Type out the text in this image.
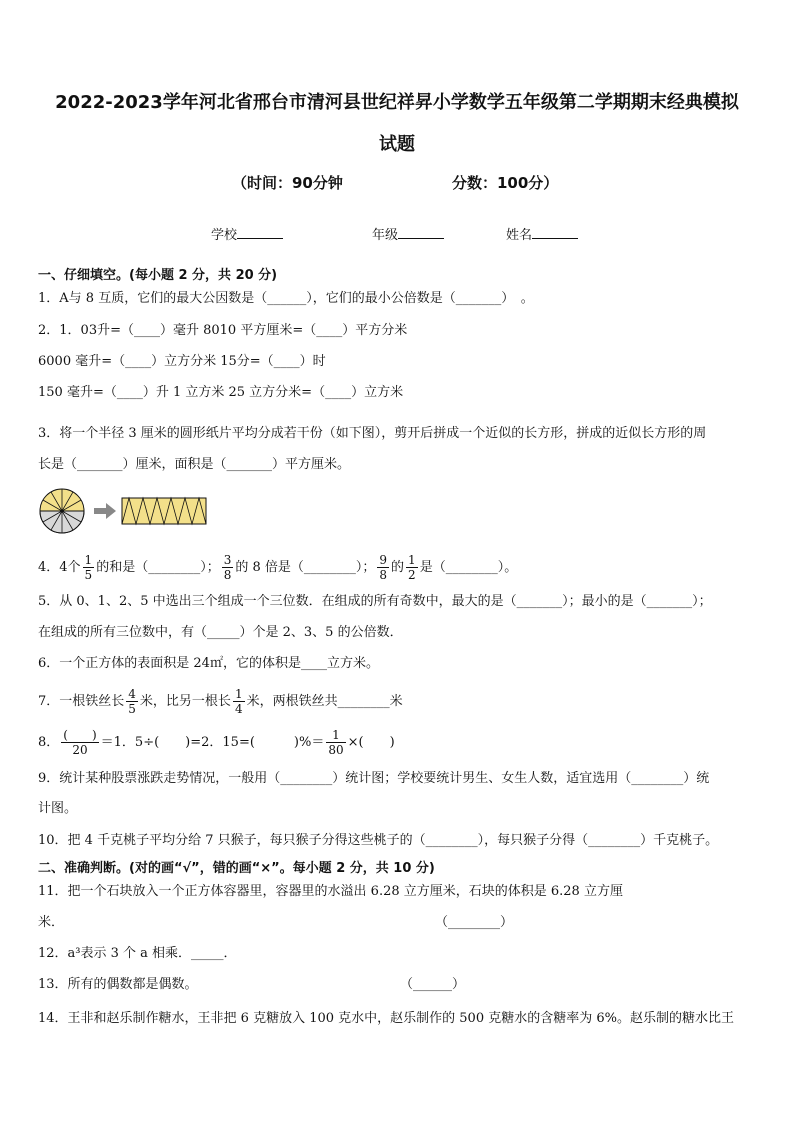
2022-2023学年河北省邢台市清河县世纪祥昇小学数学五年级第二学期期末经典模拟
试题
（时间：90分钟	分数：100分）
学校	年级	姓名
一、仔细填空。(每小题 2 分，共 20 分)
1．A与 8 互质，它们的最大公因数是（______），它们的最小公倍数是（_______）　。
2．1．03升=（____）毫升 8010 平方厘米=（____）平方分米
6000 毫升=（____）立方分米 15分=（____）时
150 毫升=（____）升 1 立方米 25 立方分米=（____）立方米
3．将一个半径 3 厘米的圆形纸片平均分成若干份（如下图），剪开后拼成一个近似的长方形，拼成的近似长方形的周
长是（_______）厘米，面积是（_______）平方厘米。
4．4个 $\frac{1}{5}$ 的和是（________）； $\frac{3}{8}$ 的 8 倍是（________）； $\frac{9}{8}$ 的 $\frac{1}{2}$ 是（________）。
5．从 0、1、2、5 中选出三个组成一个三位数．在组成的所有奇数中，最大的是（_______）；最小的是（_______）；
在组成的所有三位数中，有（_____）个是 2、3、5 的公倍数．
6．一个正方体的表面积是 24㎡，它的体积是____立方米。
7．一根铁丝长 $\frac{4}{5}$ 米，比另一根长 $\frac{1}{4}$ 米，两根铁丝共________米
8． $\frac{( )}{20} =1$．5÷(　　)=2．15=(　　　)%＝ $\frac{1}{80}$ ×(　　)
9．统计某种股票涨跌走势情况，一般用（________）统计图；学校要统计男生、女生人数，适宜选用（________）统
计图。
10．把 4 千克桃子平均分给 7 只猴子，每只猴子分得这些桃子的（________），每只猴子分得（________）千克桃子。
二、准确判断。(对的画“√”，错的画“×”。每小题 2 分，共 10 分)
11．把一个石块放入一个正方体容器里，容器里的水溢出 6.28 立方厘米，石块的体积是 6.28 立方厘
米．	（________）
12．a³表示 3 个 a 相乘．_____．
13．所有的偶数都是偶数。	（______）
14．王非和赵乐制作糖水，王非把 6 克糖放入 100 克水中，赵乐制作的 500 克糖水的含糖率为 6%。赵乐制的糖水比王
